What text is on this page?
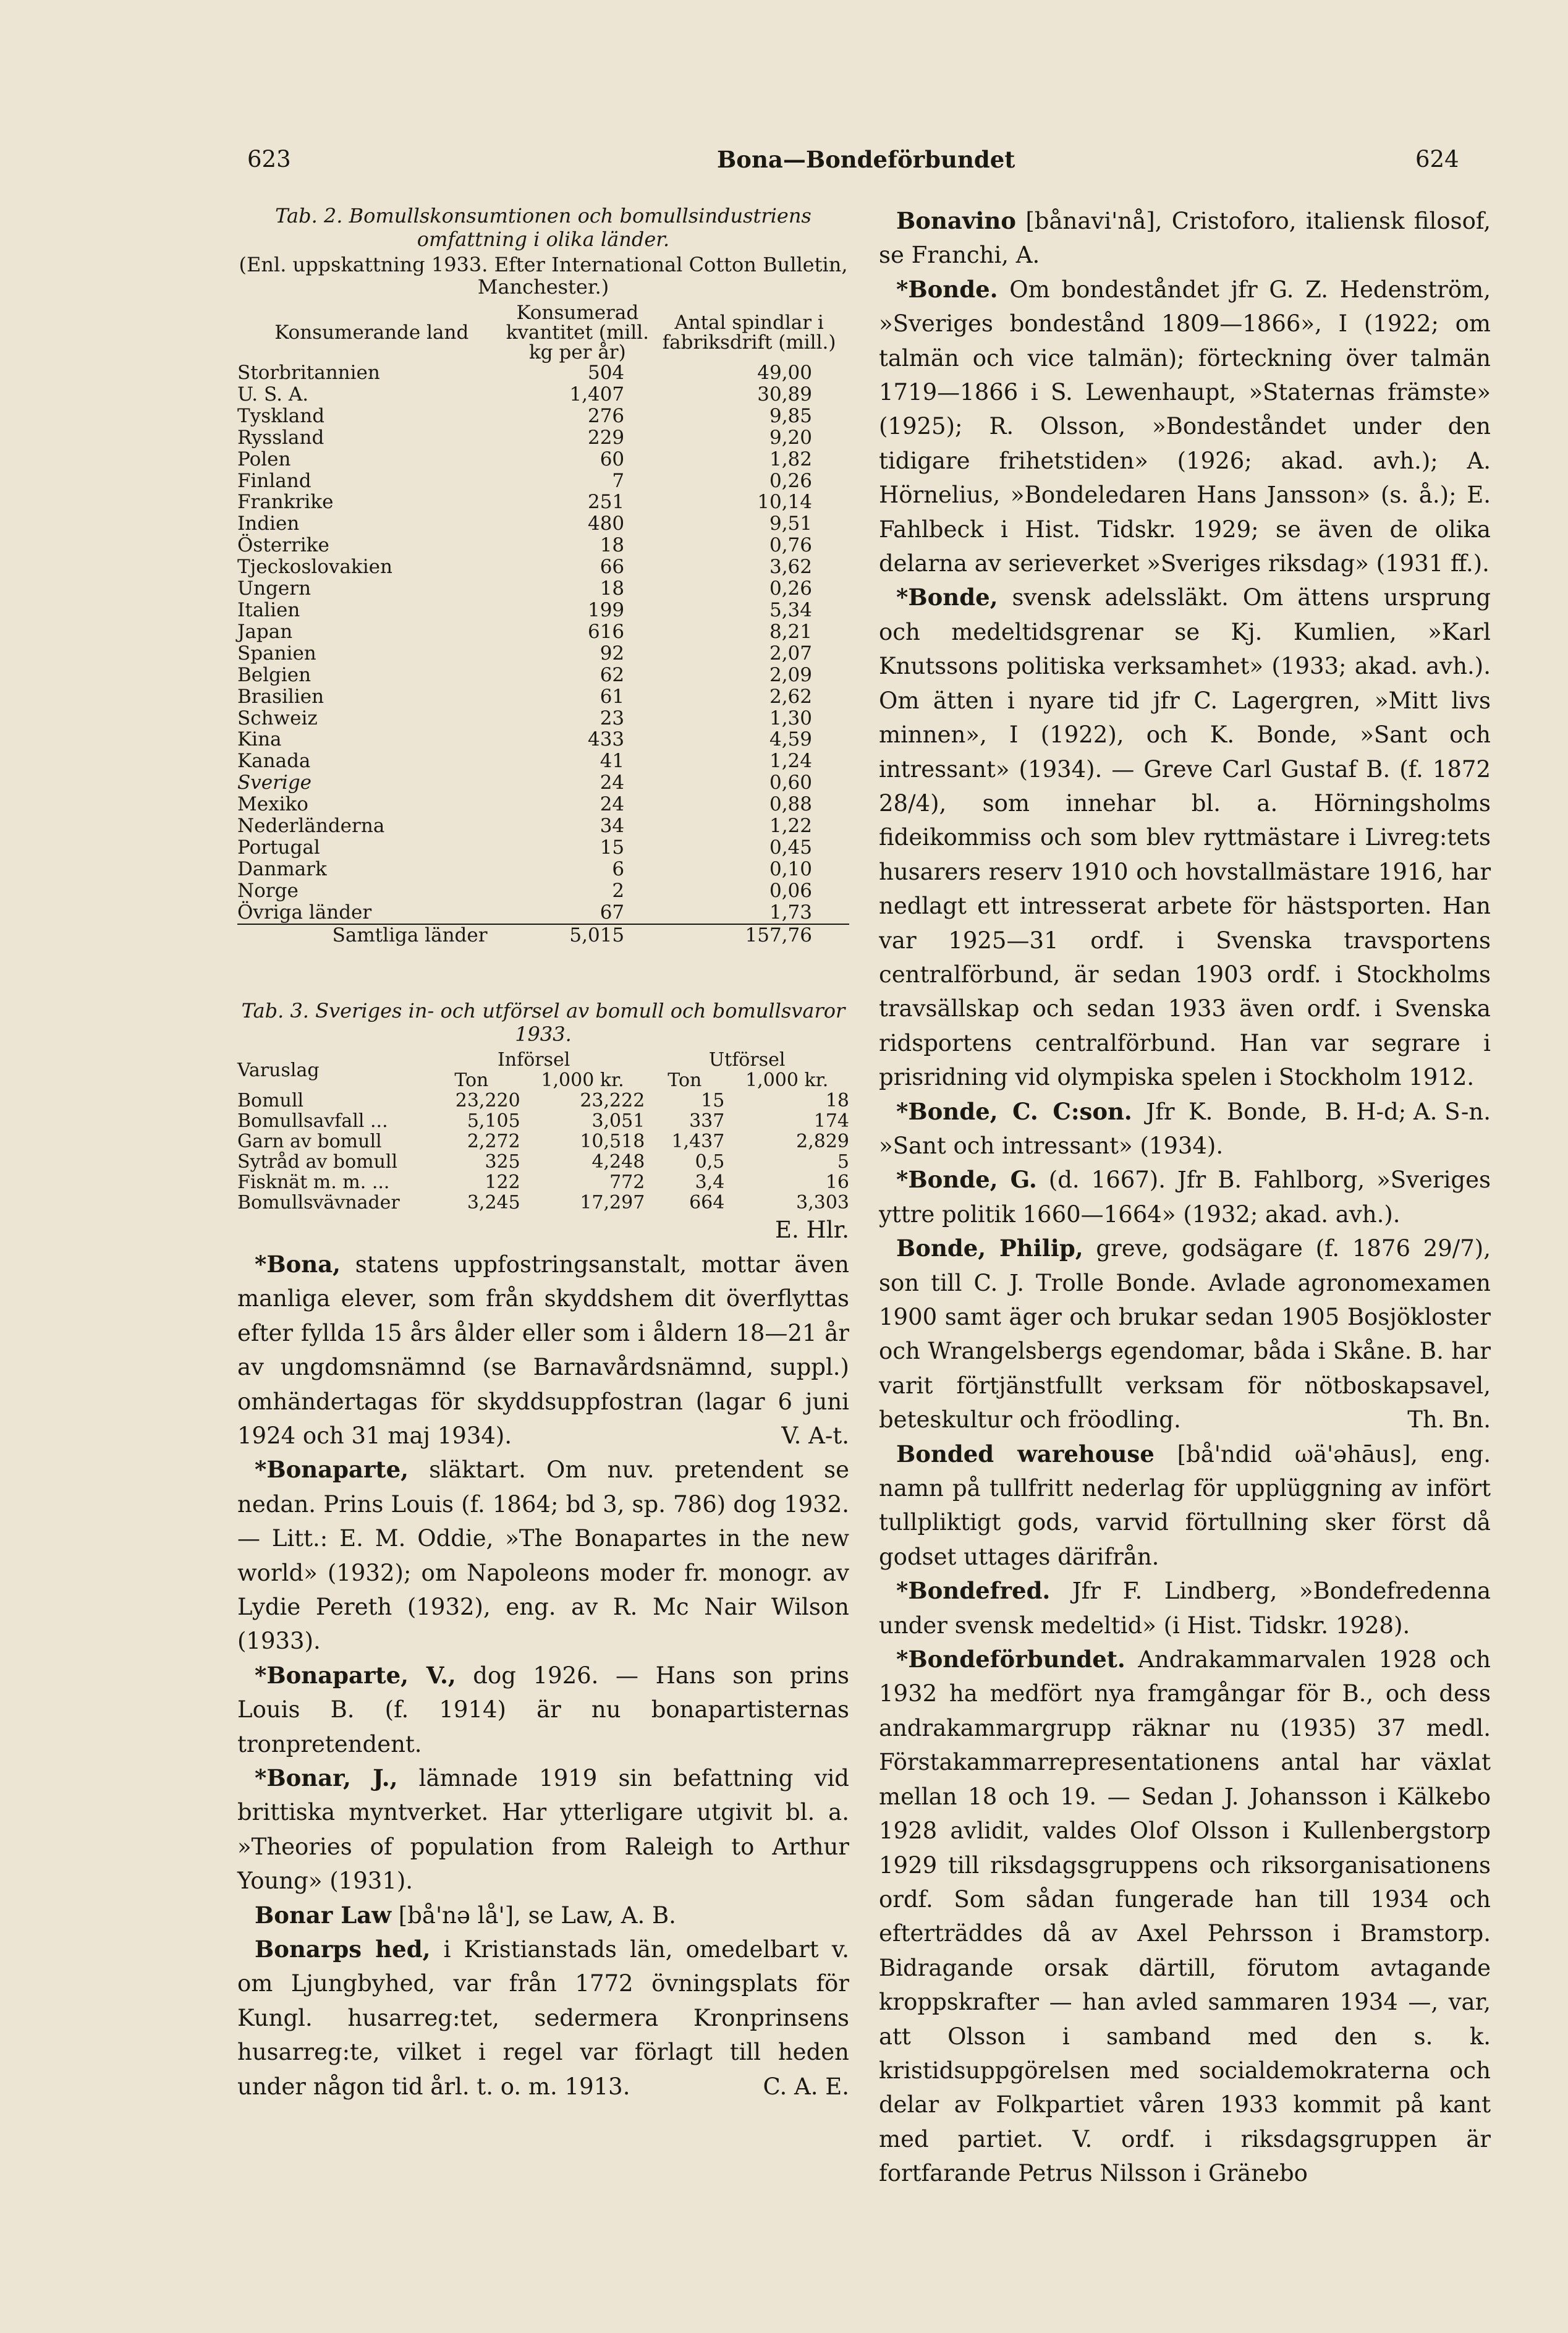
623	Bona—Bondeförbundet	624
Tab. 2. Bomullskonsumtionen och bomullsindustriens omfattning i olika länder.
(Enl. uppskattning 1933. Efter International Cotton Bulletin, Manchester.)
Konsumerande land	Konsumerad kvantitet (mill. kg per år)	Antal spindlar i fabriksdrift (mill.)
Storbritannien	504	49,00
U. S. A.	1,407	30,89
Tyskland	276	9,85
Ryssland	229	9,20
Polen	60	1,82
Finland	7	0,26
Frankrike	251	10,14
Indien	480	9,51
Österrike	18	0,76
Tjeckoslovakien	66	3,62
Ungern	18	0,26
Italien	199	5,34
Japan	616	8,21
Spanien	92	2,07
Belgien	62	2,09
Brasilien	61	2,62
Schweiz	23	1,30
Kina	433	4,59
Kanada	41	1,24
Sverige	24	0,60
Mexiko	24	0,88
Nederländerna	34	1,22
Portugal	15	0,45
Danmark	6	0,10
Norge	2	0,06
Övriga länder	67	1,73
Samtliga länder	5,015	157,76
Tab. 3. Sveriges in- och utförsel av bomull och bomullsvaror 1933.
Varuslag	Införsel		Utförsel	
	Ton	1,000 kr.	Ton	1,000 kr.
Bomull	23,220	23,222	15	18
Bomullsavfall ...	5,105	3,051	337	174
Garn av bomull	2,272	10,518	1,437	2,829
Sytråd av bomull	325	4,248	0,5	5
Fisknät m. m. ...	122	772	3,4	16
Bomullsvävnader	3,245	17,297	664	3,303
E. Hlr.

*Bona, statens uppfostringsanstalt, mottar även manliga elever, som från skyddshem dit överflyttas efter fyllda 15 års ålder eller som i åldern 18—21 år av ungdomsnämnd (se Barnavårdsnämnd, suppl.) omhändertagas för skyddsuppfostran (lagar 6 juni 1924 och 31 maj 1934).	V. A-t.

*Bonaparte, släktart. Om nuv. pretendent se nedan. Prins Louis (f. 1864; bd 3, sp. 786) dog 1932. — Litt.: E. M. Oddie, »The Bonapartes in the new world» (1932); om Napoleons moder fr. monogr. av Lydie Pereth (1932), eng. av R. Mc Nair Wilson (1933).

*Bonaparte, V., dog 1926. — Hans son prins Louis B. (f. 1914) är nu bonapartisternas tronpretendent.

*Bonar, J., lämnade 1919 sin befattning vid brittiska myntverket. Har ytterligare utgivit bl. a. »Theories of population from Raleigh to Arthur Young» (1931).

Bonar Law [bå'nə lå'], se Law, A. B.

Bonarps hed, i Kristianstads län, omedelbart v. om Ljungbyhed, var från 1772 övningsplats för Kungl. husarreg:tet, sedermera Kronprinsens husarreg:te, vilket i regel var förlagt till heden under någon tid årl. t. o. m. 1913.	C. A. E.

Bonavino [bånavi'nå], Cristoforo, italiensk filosof, se Franchi, A.

*Bonde. Om bondeståndet jfr G. Z. Hedenström, »Sveriges bondestånd 1809—1866», I (1922; om talmän och vice talmän); förteckning över talmän 1719—1866 i S. Lewenhaupt, »Staternas främste» (1925); R. Olsson, »Bondeståndet under den tidigare frihetstiden» (1926; akad. avh.); A. Hörnelius, »Bondeledaren Hans Jansson» (s. å.); E. Fahlbeck i Hist. Tidskr. 1929; se även de olika delarna av serieverket »Sveriges riksdag» (1931 ff.).

*Bonde, svensk adelssläkt. Om ättens ursprung och medeltidsgrenar se Kj. Kumlien, »Karl Knutssons politiska verksamhet» (1933; akad. avh.). Om ätten i nyare tid jfr C. Lagergren, »Mitt livs minnen», I (1922), och K. Bonde, »Sant och intressant» (1934). — Greve Carl Gustaf B. (f. 1872 28/4), som innehar bl. a. Hörningsholms fideikommiss och som blev ryttmästare i Livreg:tets husarers reserv 1910 och hovstallmästare 1916, har nedlagt ett intresserat arbete för hästsporten. Han var 1925—31 ordf. i Svenska travsportens centralförbund, är sedan 1903 ordf. i Stockholms travsällskap och sedan 1933 även ordf. i Svenska ridsportens centralförbund. Han var segrare i prisridning vid olympiska spelen i Stockholm 1912.
B. H-d; A. S-n.

*Bonde, C. C:son. Jfr K. Bonde, »Sant och intressant» (1934).

*Bonde, G. (d. 1667). Jfr B. Fahlborg, »Sveriges yttre politik 1660—1664» (1932; akad. avh.).

Bonde, Philip, greve, godsägare (f. 1876 29/7), son till C. J. Trolle Bonde. Avlade agronomexamen 1900 samt äger och brukar sedan 1905 Bosjökloster och Wrangelsbergs egendomar, båda i Skåne. B. har varit förtjänstfullt verksam för nötboskapsavel, beteskultur och fröodling.	Th. Bn.

Bonded warehouse [bå'ndid ωä'əhāus], eng. namn på tullfritt nederlag för upplüggning av infört tullpliktigt gods, varvid förtullning sker först då godset uttages därifrån.

*Bondefred. Jfr F. Lindberg, »Bondefredenna under svensk medeltid» (i Hist. Tidskr. 1928).

*Bondeförbundet. Andrakammarvalen 1928 och 1932 ha medfört nya framgångar för B., och dess andrakammargrupp räknar nu (1935) 37 medl. Förstakammarrepresentationens antal har växlat mellan 18 och 19. — Sedan J. Johansson i Kälkebo 1928 avlidit, valdes Olof Olsson i Kullenbergstorp 1929 till riksdagsgruppens och riksorganisationens ordf. Som sådan fungerade han till 1934 och efterträddes då av Axel Pehrsson i Bramstorp. Bidragande orsak därtill, förutom avtagande kroppskrafter — han avled sammaren 1934 —, var, att Olsson i samband med den s. k. kristidsuppgörelsen med socialdemokraterna och delar av Folkpartiet våren 1933 kommit på kant med partiet. V. ordf. i riksdagsgruppen är fortfarande Petrus Nilsson i Gränebo
